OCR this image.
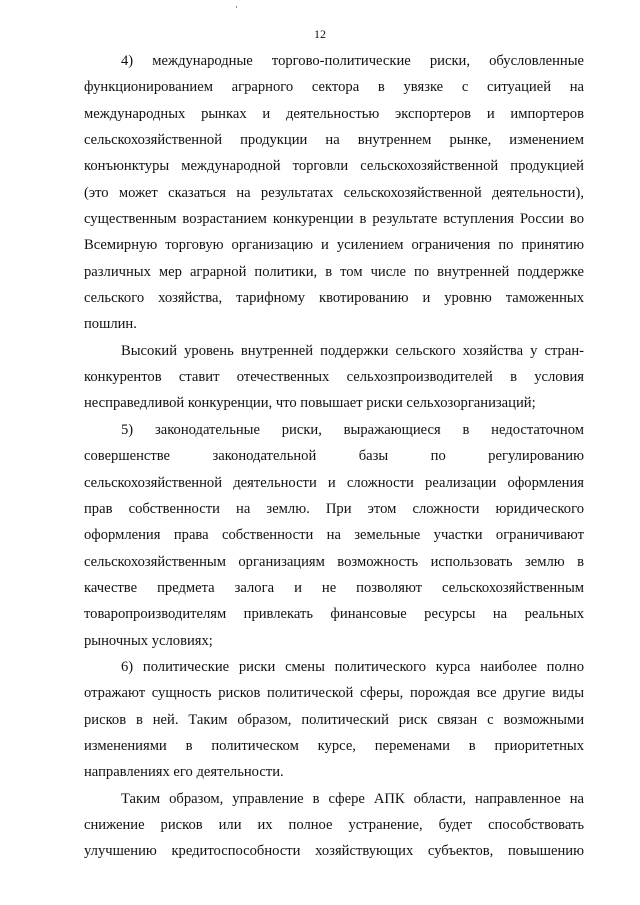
12
4) международные торгово-политические риски, обусловленные
функционированием аграрного сектора в увязке с ситуацией на
международных рынках и деятельностью экспортеров и импортеров
сельскохозяйственной продукции на внутреннем рынке, изменением
конъюнктуры международной торговли сельскохозяйственной продукцией
(это может сказаться на результатах сельскохозяйственной деятельности),
существенным возрастанием конкуренции в результате вступления России во
Всемирную торговую организацию и усилением ограничения по принятию
различных мер аграрной политики, в том числе по внутренней поддержке
сельского хозяйства, тарифному квотированию и уровню таможенных
пошлин.
Высокий уровень внутренней поддержки сельского хозяйства у стран-
конкурентов ставит отечественных сельхозпроизводителей в условия
несправедливой конкуренции, что повышает риски сельхозорганизаций;
5) законодательные риски, выражающиеся в недостаточном
совершенстве законодательной базы по регулированию
сельскохозяйственной деятельности и сложности реализации оформления
прав собственности на землю. При этом сложности юридического
оформления права собственности на земельные участки ограничивают
сельскохозяйственным организациям возможность использовать землю в
качестве предмета залога и не позволяют сельскохозяйственным
товаропроизводителям привлекать финансовые ресурсы на реальных
рыночных условиях;
6) политические риски смены политического курса наиболее полно
отражают сущность рисков политической сферы, порождая все другие виды
рисков в ней. Таким образом, политический риск связан с возможными
изменениями в политическом курсе, переменами в приоритетных
направлениях его деятельности.
Таким образом, управление в сфере АПК области, направленное на
снижение рисков или их полное устранение, будет способствовать
улучшению кредитоспособности хозяйствующих субъектов, повышению
